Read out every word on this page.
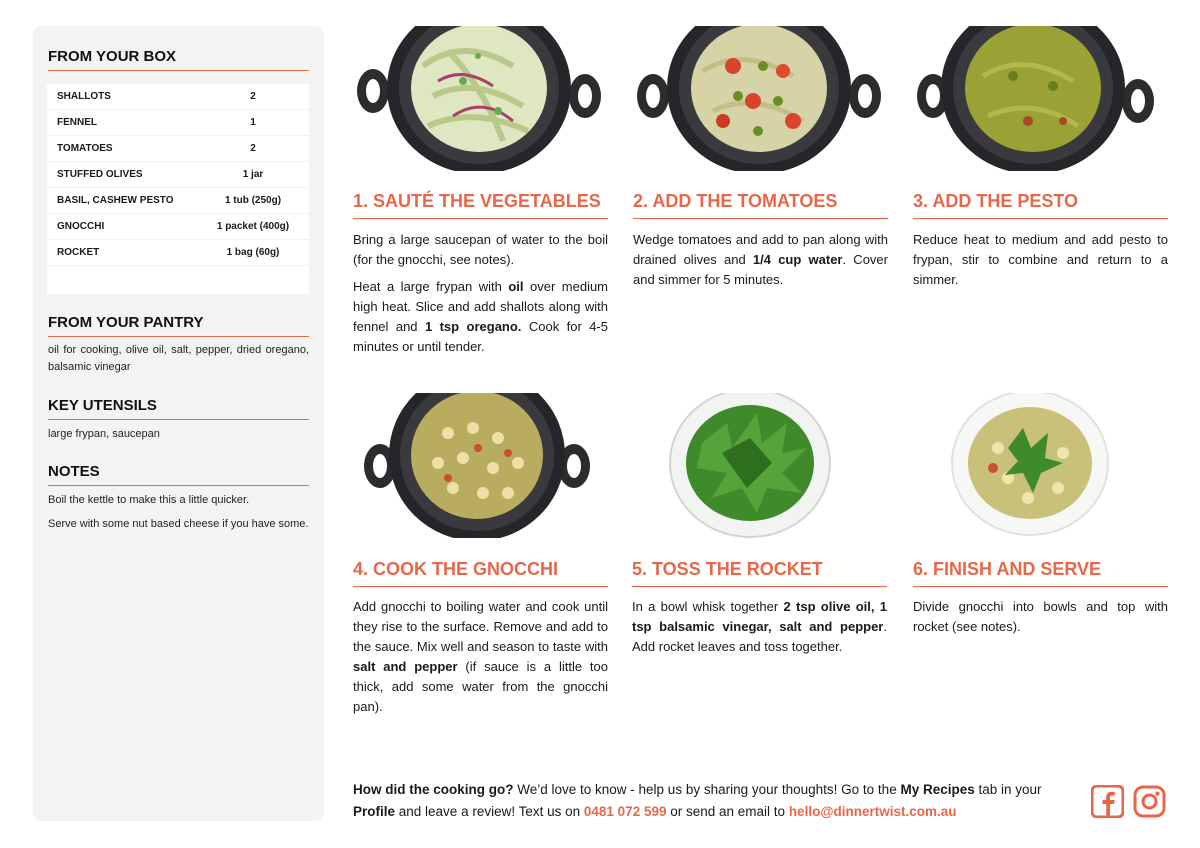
FROM YOUR BOX
SHALLOTS	2
FENNEL	1
TOMATOES	2
STUFFED OLIVES	1 jar
BASIL, CASHEW PESTO	1 tub (250g)
GNOCCHI	1 packet (400g)
ROCKET	1 bag (60g)
FROM YOUR PANTRY
oil for cooking, olive oil, salt, pepper, dried oregano, balsamic vinegar
KEY UTENSILS
large frypan, saucepan
NOTES
Boil the kettle to make this a little quicker.
Serve with some nut based cheese if you have some.
1. SAUTÉ THE VEGETABLES

Bring a large saucepan of water to the boil (for the gnocchi, see notes).

Heat a large frypan with oil over medium high heat. Slice and add shallots along with fennel and 1 tsp oregano. Cook for 4-5 minutes or until tender.

2. ADD THE TOMATOES

Wedge tomatoes and add to pan along with drained olives and 1/4 cup water. Cover and simmer for 5 minutes.

3. ADD THE PESTO

Reduce heat to medium and add pesto to frypan, stir to combine and return to a simmer.

4. COOK THE GNOCCHI

Add gnocchi to boiling water and cook until they rise to the surface. Remove and add to the sauce. Mix well and season to taste with salt and pepper (if sauce is a little too thick, add some water from the gnocchi pan).

5. TOSS THE ROCKET

In a bowl whisk together 2 tsp olive oil, 1 tsp balsamic vinegar, salt and pepper. Add rocket leaves and toss together.

6. FINISH AND SERVE

Divide gnocchi into bowls and top with rocket (see notes).

How did the cooking go? We’d love to know - help us by sharing your thoughts! Go to the My Recipes tab in your Profile and leave a review! Text us on 0481 072 599 or send an email to hello@dinnertwist.com.au
